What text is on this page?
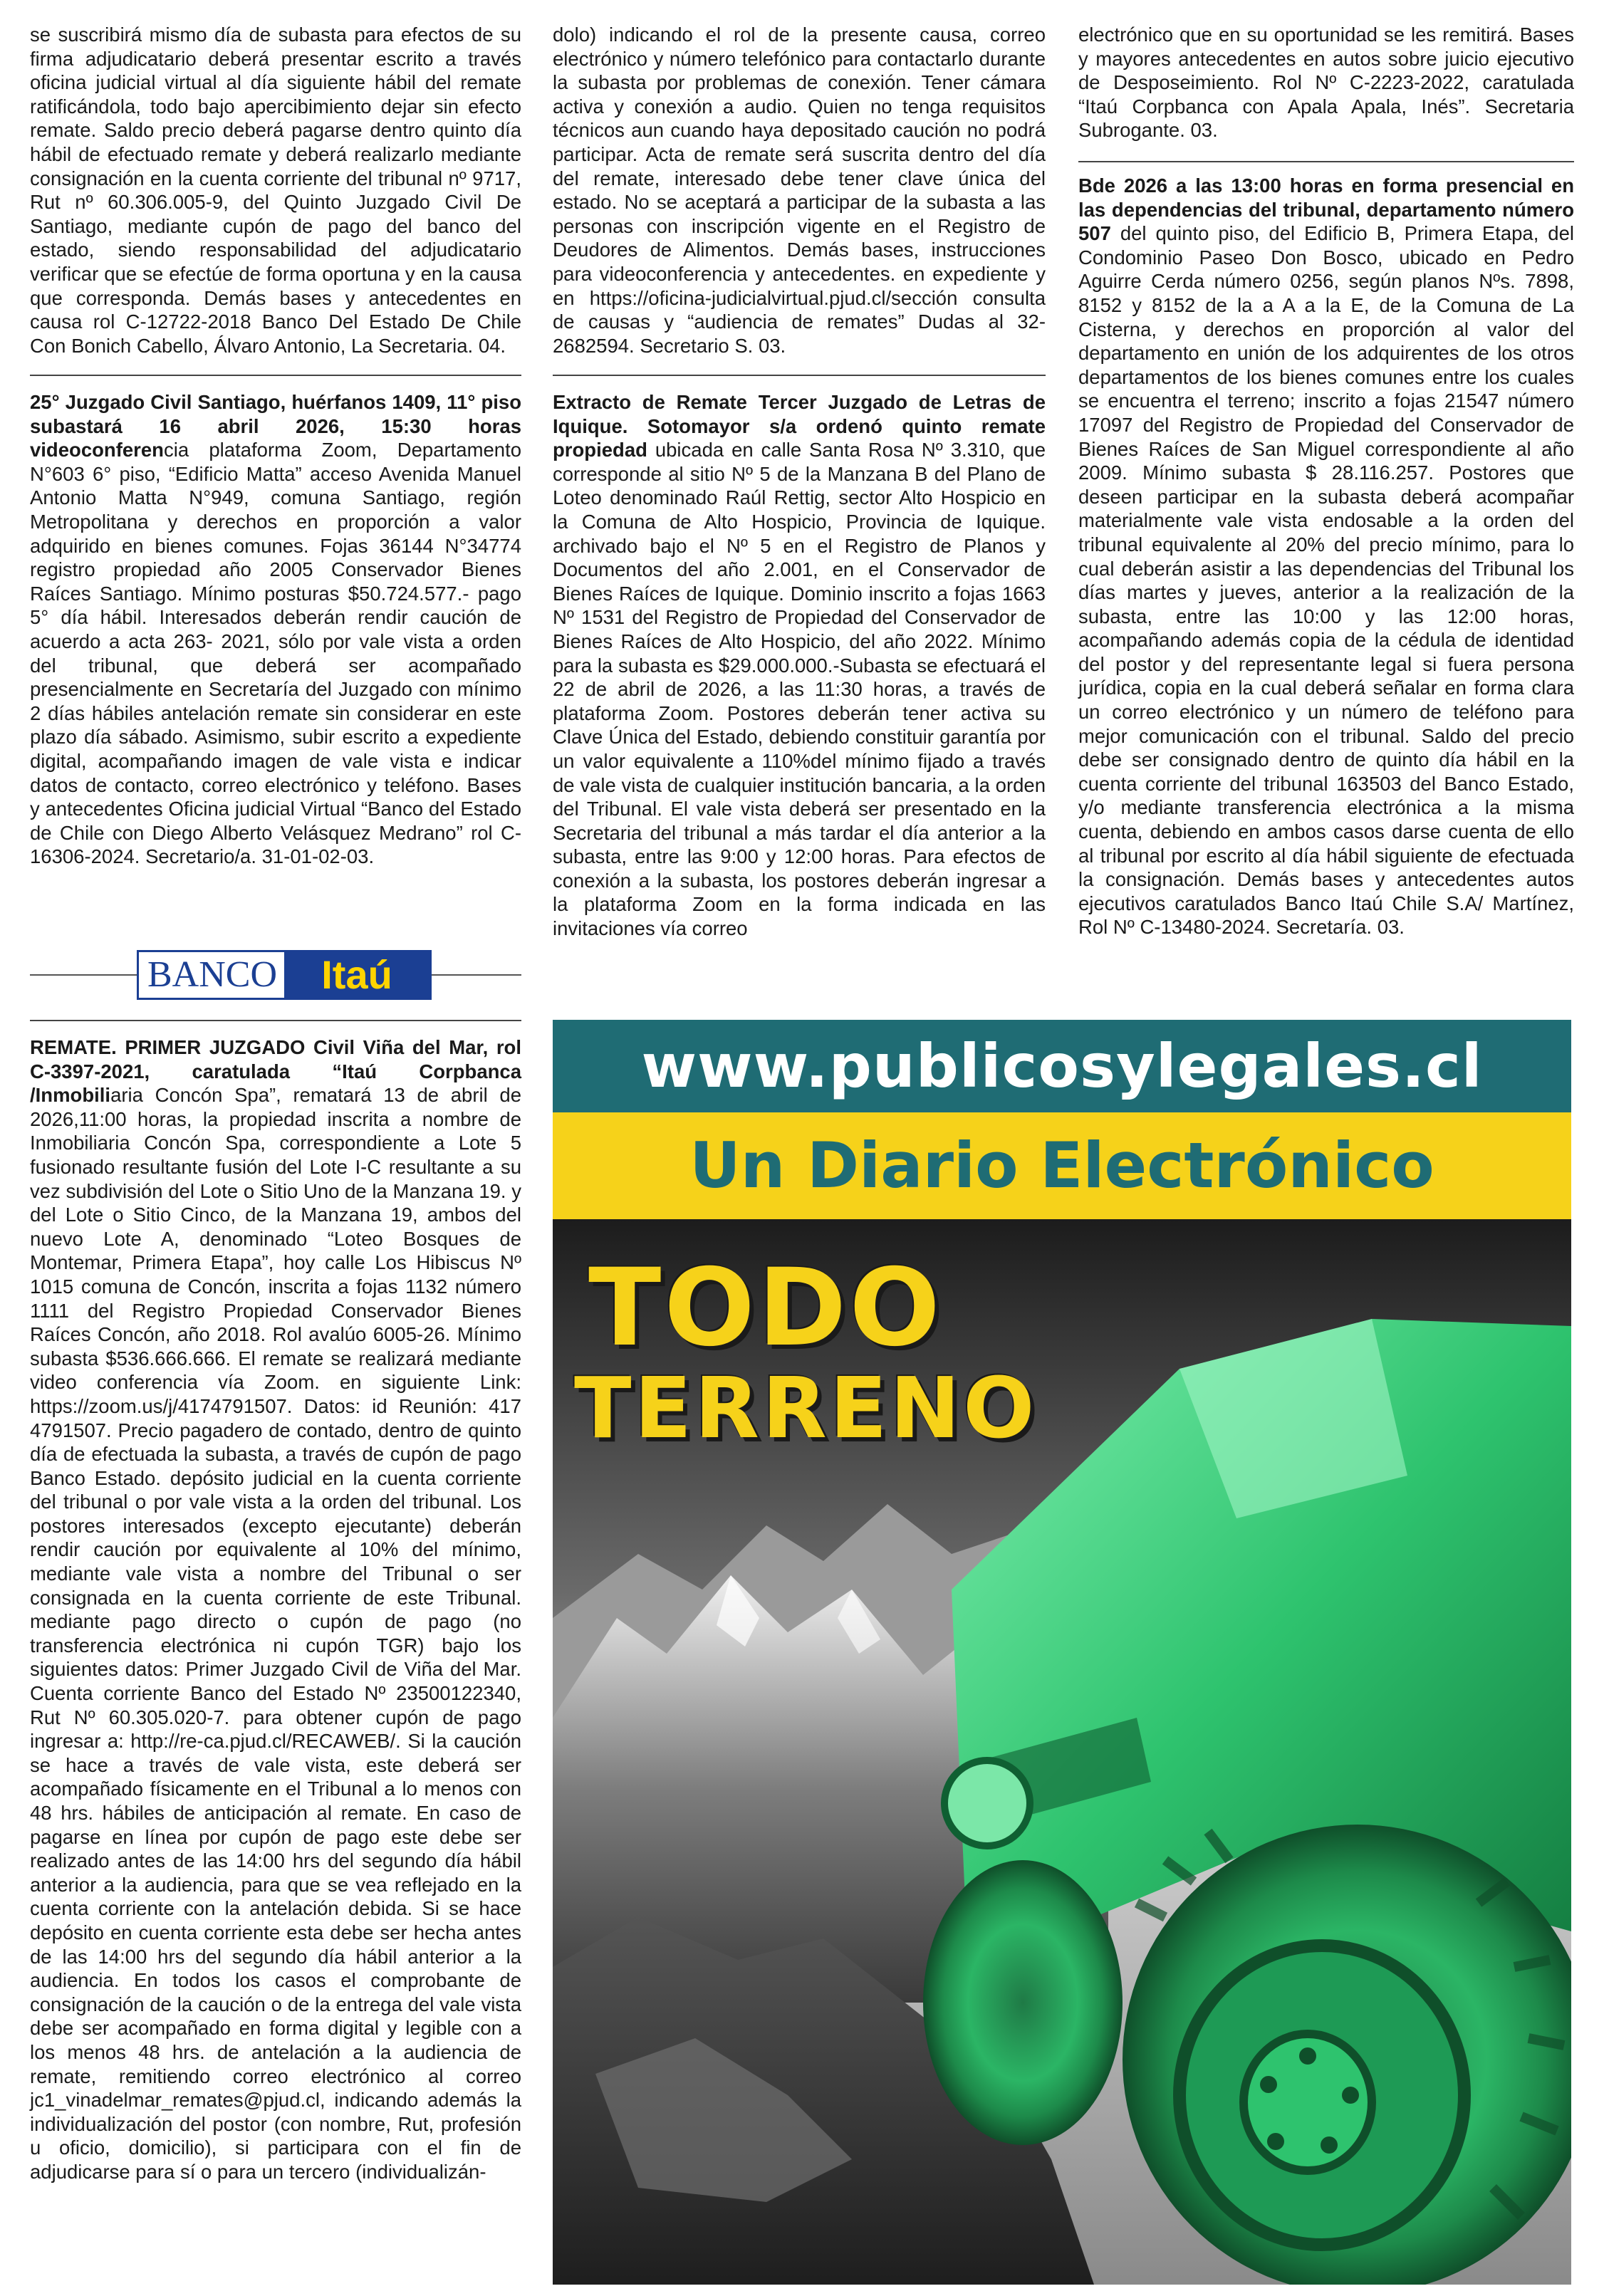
se suscribirá mismo día de subasta para efectos de su firma adjudicatario deberá presentar escrito a través oficina judicial virtual al día siguiente hábil del remate ratificándola, todo bajo apercibimiento dejar sin efecto remate. Saldo precio deberá pagarse dentro quinto día hábil de efectuado remate y deberá realizarlo mediante consignación en la cuenta corriente del tribunal nº 9717, Rut nº 60.306.005-9, del Quinto Juzgado Civil De Santiago, mediante cupón de pago del banco del estado, siendo responsabilidad del adjudicatario verificar que se efectúe de forma oportuna y en la causa que corresponda. Demás bases y antecedentes en causa rol C-12722-2018 Banco Del Estado De Chile Con Bonich Cabello, Álvaro Antonio, La Secretaria. 04.

25° Juzgado Civil Santiago, huérfanos 1409, 11° piso subastará 16 abril 2026, 15:30 horas videoconferencia plataforma Zoom, Departamento N°603 6° piso, “Edificio Matta” acceso Avenida Manuel Antonio Matta N°949, comuna Santiago, región Metropolitana y derechos en proporción a valor adquirido en bienes comunes. Fojas 36144 N°34774 registro propiedad año 2005 Conservador Bienes Raíces Santiago. Mínimo posturas $50.724.577.- pago 5° día hábil. Interesados deberán rendir caución de acuerdo a acta 263- 2021, sólo por vale vista a orden del tribunal, que deberá ser acompañado presencialmente en Secretaría del Juzgado con mínimo 2 días hábiles antelación remate sin considerar en este plazo día sábado. Asimismo, subir escrito a expediente digital, acompañando imagen de vale vista e indicar datos de contacto, correo electrónico y teléfono. Bases y antecedentes Oficina judicial Virtual “Banco del Estado de Chile con Diego Alberto Velásquez Medrano” rol C-16306-2024. Secretario/a. 31-01-02-03.

BANCO	Itaú

REMATE. PRIMER JUZGADO Civil Viña del Mar, rol C-3397-2021, caratulada “Itaú Corpbanca /Inmobiliaria Concón Spa”, rematará 13 de abril de 2026,11:00 horas, la propiedad inscrita a nombre de Inmobiliaria Concón Spa, correspondiente a Lote 5 fusionado resultante fusión del Lote I-C resultante a su vez subdivisión del Lote o Sitio Uno de la Manzana 19. y del Lote o Sitio Cinco, de la Manzana 19, ambos del nuevo Lote A, denominado “Loteo Bosques de Montemar, Primera Etapa”, hoy calle Los Hibiscus Nº 1015 comuna de Concón, inscrita a fojas 1132 número 1111 del Registro Propiedad Conservador Bienes Raíces Concón, año 2018. Rol avalúo 6005-26. Mínimo subasta $536.666.666. El remate se realizará mediante video conferencia vía Zoom. en siguiente Link: https://zoom.us/j/4174791507. Datos: id Reunión: 417 4791507. Precio pagadero de contado, dentro de quinto día de efectuada la subasta, a través de cupón de pago Banco Estado. depósito judicial en la cuenta corriente del tribunal o por vale vista a la orden del tribunal. Los postores interesados (excepto ejecutante) deberán rendir caución por equivalente al 10% del mínimo, mediante vale vista a nombre del Tribunal o ser consignada en la cuenta corriente de este Tribunal. mediante pago directo o cupón de pago (no transferencia electrónica ni cupón TGR) bajo los siguientes datos: Primer Juzgado Civil de Viña del Mar. Cuenta corriente Banco del Estado Nº 23500122340, Rut Nº 60.305.020-7. para obtener cupón de pago ingresar a: http://re-ca.pjud.cl/RECAWEB/. Si la caución se hace a través de vale vista, este deberá ser acompañado físicamente en el Tribunal a lo menos con 48 hrs. hábiles de anticipación al remate. En caso de pagarse en línea por cupón de pago este debe ser realizado antes de las 14:00 hrs del segundo día hábil anterior a la audiencia, para que se vea reflejado en la cuenta corriente con la antelación debida. Si se hace depósito en cuenta corriente esta debe ser hecha antes de las 14:00 hrs del segundo día hábil anterior a la audiencia. En todos los casos el comprobante de consignación de la caución o de la entrega del vale vista debe ser acompañado en forma digital y legible con a los menos 48 hrs. de antelación a la audiencia de remate, remitiendo correo electrónico al correo jc1_vinadelmar_remates@pjud.cl, indicando además la individualización del postor (con nombre, Rut, profesión u oficio, domicilio), si participara con el fin de adjudicarse para sí o para un tercero (individualizán-

dolo) indicando el rol de la presente causa, correo electrónico y número telefónico para contactarlo durante la subasta por problemas de conexión. Tener cámara activa y conexión a audio. Quien no tenga requisitos técnicos aun cuando haya depositado caución no podrá participar. Acta de remate será suscrita dentro del día del remate, interesado debe tener clave única del estado. No se aceptará a participar de la subasta a las personas con inscripción vigente en el Registro de Deudores de Alimentos. Demás bases, instrucciones para videoconferencia y antecedentes. en expediente y en https://oficina-judicialvirtual.pjud.cl/sección consulta de causas y “audiencia de remates” Dudas al 32-2682594. Secretario S. 03.

Extracto de Remate Tercer Juzgado de Letras de Iquique. Sotomayor s/a ordenó quinto remate propiedad ubicada en calle Santa Rosa Nº 3.310, que corresponde al sitio Nº 5 de la Manzana B del Plano de Loteo denominado Raúl Rettig, sector Alto Hospicio en la Comuna de Alto Hospicio, Provincia de Iquique. archivado bajo el Nº 5 en el Registro de Planos y Documentos del año 2.001, en el Conservador de Bienes Raíces de Iquique. Dominio inscrito a fojas 1663 Nº 1531 del Registro de Propiedad del Conservador de Bienes Raíces de Alto Hospicio, del año 2022. Mínimo para la subasta es $29.000.000.-Subasta se efectuará el 22 de abril de 2026, a las 11:30 horas, a través de plataforma Zoom. Postores deberán tener activa su Clave Única del Estado, debiendo constituir garantía por un valor equivalente a 110%del mínimo fijado a través de vale vista de cualquier institución bancaria, a la orden del Tribunal. El vale vista deberá ser presentado en la Secretaria del tribunal a más tardar el día anterior a la subasta, entre las 9:00 y 12:00 horas. Para efectos de conexión a la subasta, los postores deberán ingresar a la plataforma Zoom en la forma indicada en las invitaciones vía correo

electrónico que en su oportunidad se les remitirá. Bases y mayores antecedentes en autos sobre juicio ejecutivo de Desposeimiento. Rol Nº C-2223-2022, caratulada “Itaú Corpbanca con Apala Apala, Inés”. Secretaria Subrogante. 03.

Bde 2026 a las 13:00 horas en forma presencial en las dependencias del tribunal, departamento número 507 del quinto piso, del Edificio B, Primera Etapa, del Condominio Paseo Don Bosco, ubicado en Pedro Aguirre Cerda número 0256, según planos Nºs. 7898, 8152 y 8152 de la a A a la E, de la Comuna de La Cisterna, y derechos en proporción al valor del departamento en unión de los adquirentes de los otros departamentos de los bienes comunes entre los cuales se encuentra el terreno; inscrito a fojas 21547 número 17097 del Registro de Propiedad del Conservador de Bienes Raíces de San Miguel correspondiente al año 2009. Mínimo subasta $ 28.116.257. Postores que deseen participar en la subasta deberá acompañar materialmente vale vista endosable a la orden del tribunal equivalente al 20% del precio mínimo, para lo cual deberán asistir a las dependencias del Tribunal los días martes y jueves, anterior a la realización de la subasta, entre las 10:00 y las 12:00 horas, acompañando además copia de la cédula de identidad del postor y del representante legal si fuera persona jurídica, copia en la cual deberá señalar en forma clara un correo electrónico y un número de teléfono para mejor comunicación con el tribunal. Saldo del precio debe ser consignado dentro de quinto día hábil en la cuenta corriente del tribunal 163503 del Banco Estado, y/o mediante transferencia electrónica a la misma cuenta, debiendo en ambos casos darse cuenta de ello al tribunal por escrito al día hábil siguiente de efectuada la consignación. Demás bases y antecedentes autos ejecutivos caratulados Banco Itaú Chile S.A/ Martínez, Rol Nº C-13480-2024. Secretaría. 03.

www.publicosylegales.cl
Un Diario Electrónico
TODO
TERRENO
